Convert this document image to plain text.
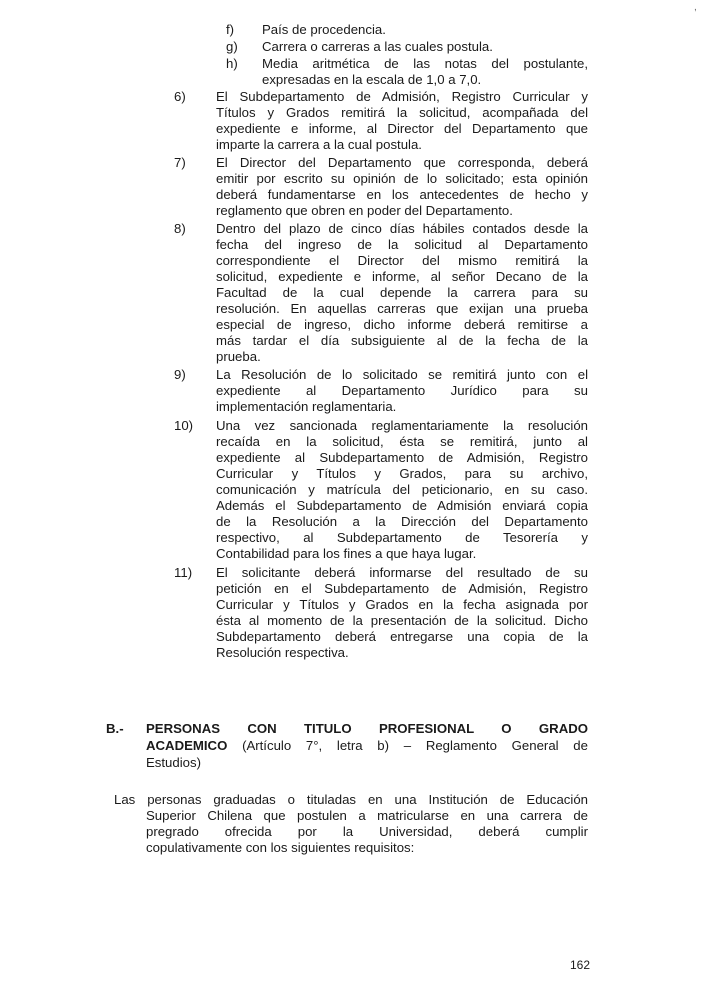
,
f) País de procedencia.
g) Carrera o carreras a las cuales postula.
h) Media aritmética de las notas del postulante,
expresadas en la escala de 1,0 a 7,0.
6) El Subdepartamento de Admisión, Registro Curricular y
Títulos y Grados remitirá la solicitud, acompañada del
expediente e informe, al Director del Departamento que
imparte la carrera a la cual postula.
7) El Director del Departamento que corresponda, deberá
emitir por escrito su opinión de lo solicitado; esta opinión
deberá fundamentarse en los antecedentes de hecho y
reglamento que obren en poder del Departamento.
8) Dentro del plazo de cinco días hábiles contados desde la
fecha del ingreso de la solicitud al Departamento
correspondiente el Director del mismo remitirá la
solicitud, expediente e informe, al señor Decano de la
Facultad de la cual depende la carrera para su
resolución. En aquellas carreras que exijan una prueba
especial de ingreso, dicho informe deberá remitirse a
más tardar el día subsiguiente al de la fecha de la
prueba.
9) La Resolución de lo solicitado se remitirá junto con el
expediente al Departamento Jurídico para su
implementación reglamentaria.
10) Una vez sancionada reglamentariamente la resolución
recaída en la solicitud, ésta se remitirá, junto al
expediente al Subdepartamento de Admisión, Registro
Curricular y Títulos y Grados, para su archivo,
comunicación y matrícula del peticionario, en su caso.
Además el Subdepartamento de Admisión enviará copia
de la Resolución a la Dirección del Departamento
respectivo, al Subdepartamento de Tesorería y
Contabilidad para los fines a que haya lugar.
11) El solicitante deberá informarse del resultado de su
petición en el Subdepartamento de Admisión, Registro
Curricular y Títulos y Grados en la fecha asignada por
ésta al momento de la presentación de la solicitud. Dicho
Subdepartamento deberá entregarse una copia de la
Resolución respectiva.
B.- PERSONAS CON TITULO PROFESIONAL O GRADO
ACADEMICO (Artículo 7°, letra b) – Reglamento General de
Estudios)
Las personas graduadas o tituladas en una Institución de Educación
Superior Chilena que postulen a matricularse en una carrera de
pregrado ofrecida por la Universidad, deberá cumplir
copulativamente con los siguientes requisitos:
162
